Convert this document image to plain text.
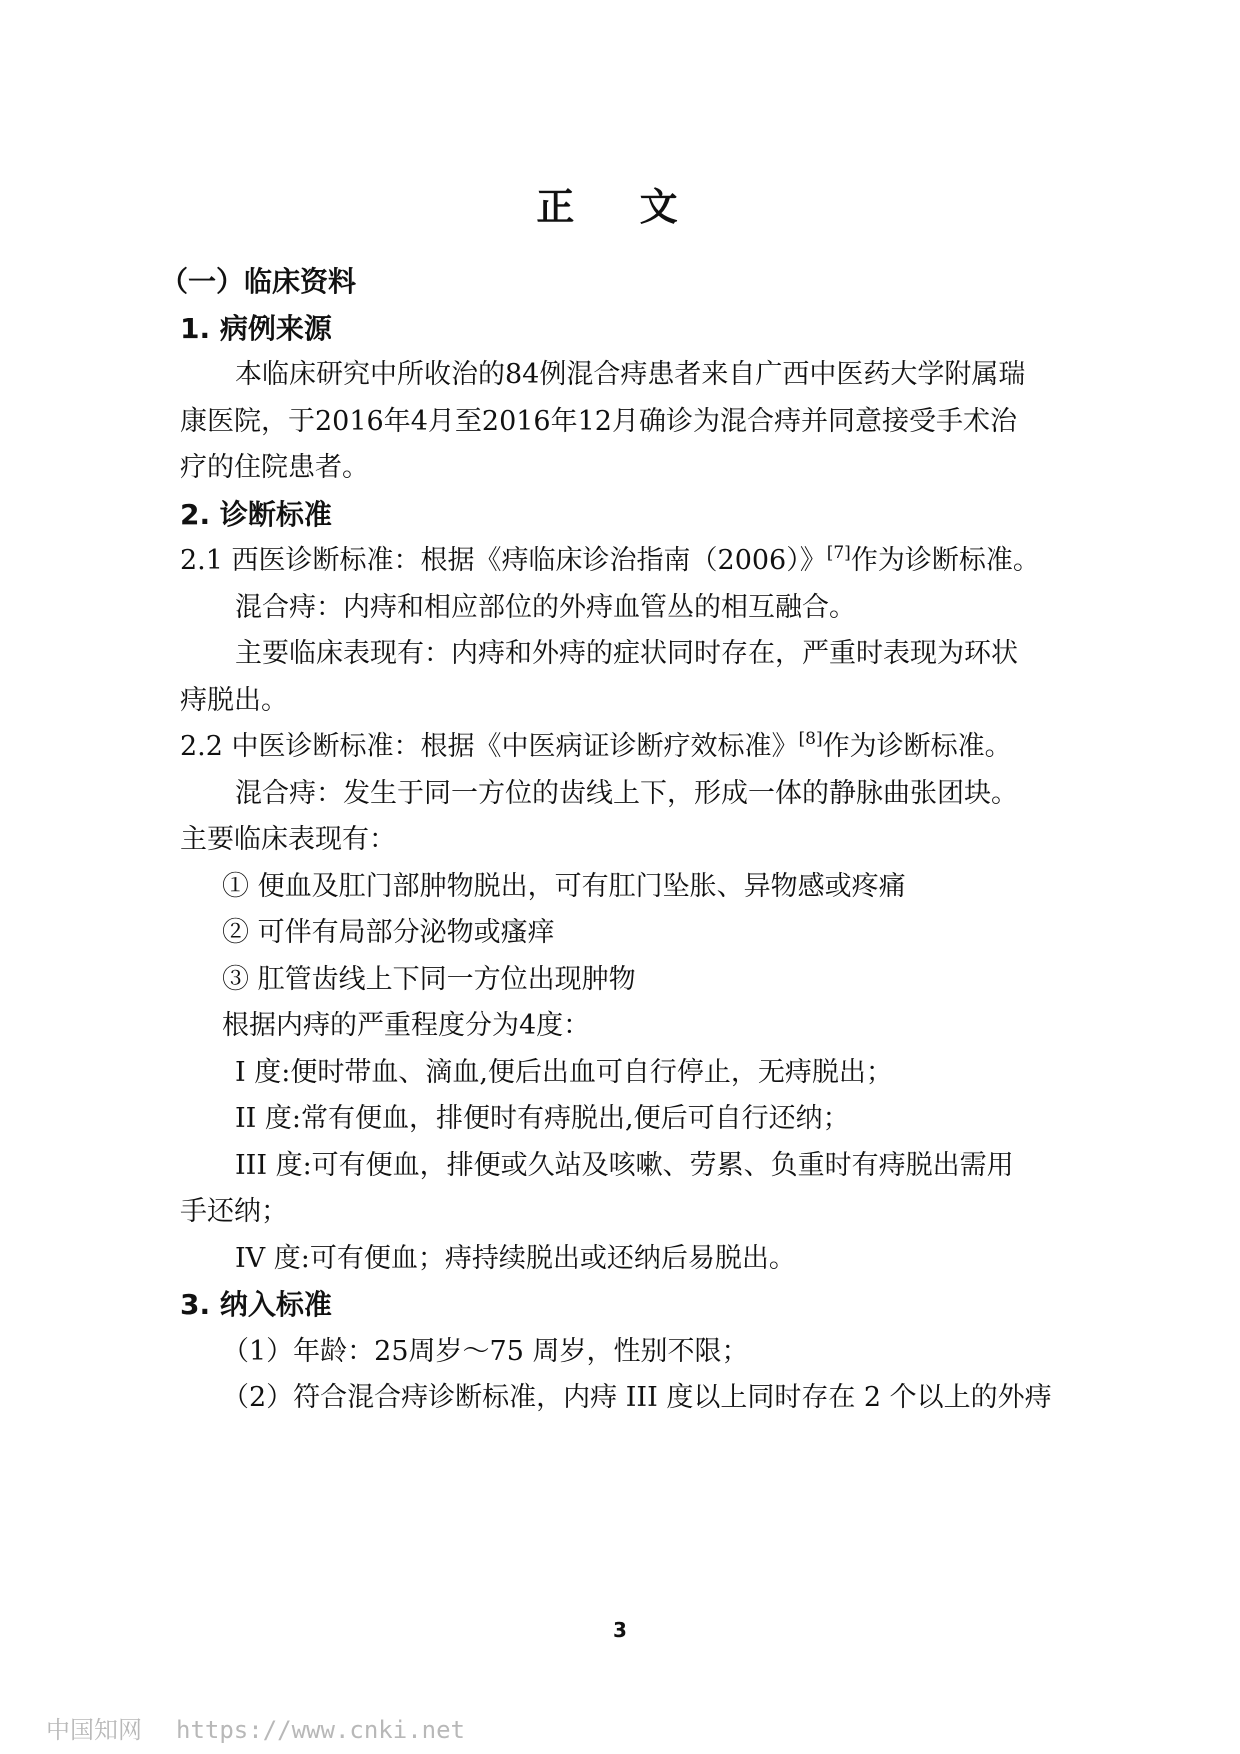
正 文
（一）临床资料
1. 病例来源
本临床研究中所收治的84例混合痔患者来自广西中医药大学附属瑞
康医院，于2016年4月至2016年12月确诊为混合痔并同意接受手术治
疗的住院患者。
2. 诊断标准
2.1 西医诊断标准：根据《痔临床诊治指南（2006）》[7]作为诊断标准。
混合痔：内痔和相应部位的外痔血管丛的相互融合。
主要临床表现有：内痔和外痔的症状同时存在，严重时表现为环状
痔脱出。
2.2 中医诊断标准：根据《中医病证诊断疗效标准》[8]作为诊断标准。
混合痔：发生于同一方位的齿线上下，形成一体的静脉曲张团块。
主要临床表现有：
① 便血及肛门部肿物脱出，可有肛门坠胀、异物感或疼痛
② 可伴有局部分泌物或瘙痒
③ 肛管齿线上下同一方位出现肿物
根据内痔的严重程度分为4度：
I 度:便时带血、滴血,便后出血可自行停止，无痔脱出；
II 度:常有便血，排便时有痔脱出,便后可自行还纳；
III 度:可有便血，排便或久站及咳嗽、劳累、负重时有痔脱出需用
手还纳；
IV 度:可有便血；痔持续脱出或还纳后易脱出。
3. 纳入标准
（1）年龄：25周岁～75 周岁，性别不限；
（2）符合混合痔诊断标准，内痔 III 度以上同时存在 2 个以上的外痔
3
中国知网 https://www.cnki.net
